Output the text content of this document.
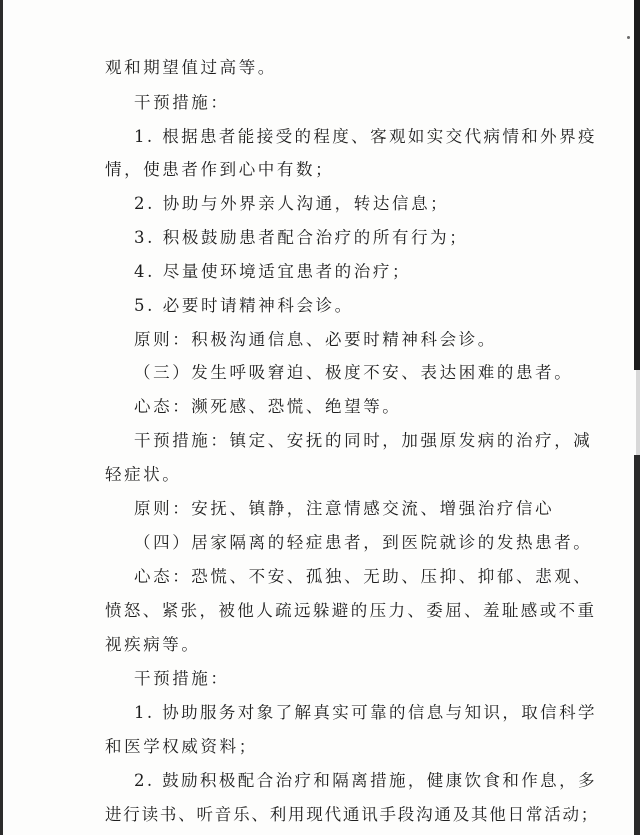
观和期望值过高等。
干预措施：
1. 根据患者能接受的程度、客观如实交代病情和外界疫
情，使患者作到心中有数；
2. 协助与外界亲人沟通，转达信息；
3. 积极鼓励患者配合治疗的所有行为；
4. 尽量使环境适宜患者的治疗；
5. 必要时请精神科会诊。
原则：积极沟通信息、必要时精神科会诊。
（三）发生呼吸窘迫、极度不安、表达困难的患者。
心态：濒死感、恐慌、绝望等。
干预措施：镇定、安抚的同时，加强原发病的治疗，减
轻症状。
原则：安抚、镇静，注意情感交流、增强治疗信心
（四）居家隔离的轻症患者，到医院就诊的发热患者。
心态：恐慌、不安、孤独、无助、压抑、抑郁、悲观、
愤怒、紧张，被他人疏远躲避的压力、委屈、羞耻感或不重
视疾病等。
干预措施：
1. 协助服务对象了解真实可靠的信息与知识，取信科学
和医学权威资料；
2. 鼓励积极配合治疗和隔离措施，健康饮食和作息，多
进行读书、听音乐、利用现代通讯手段沟通及其他日常活动；
